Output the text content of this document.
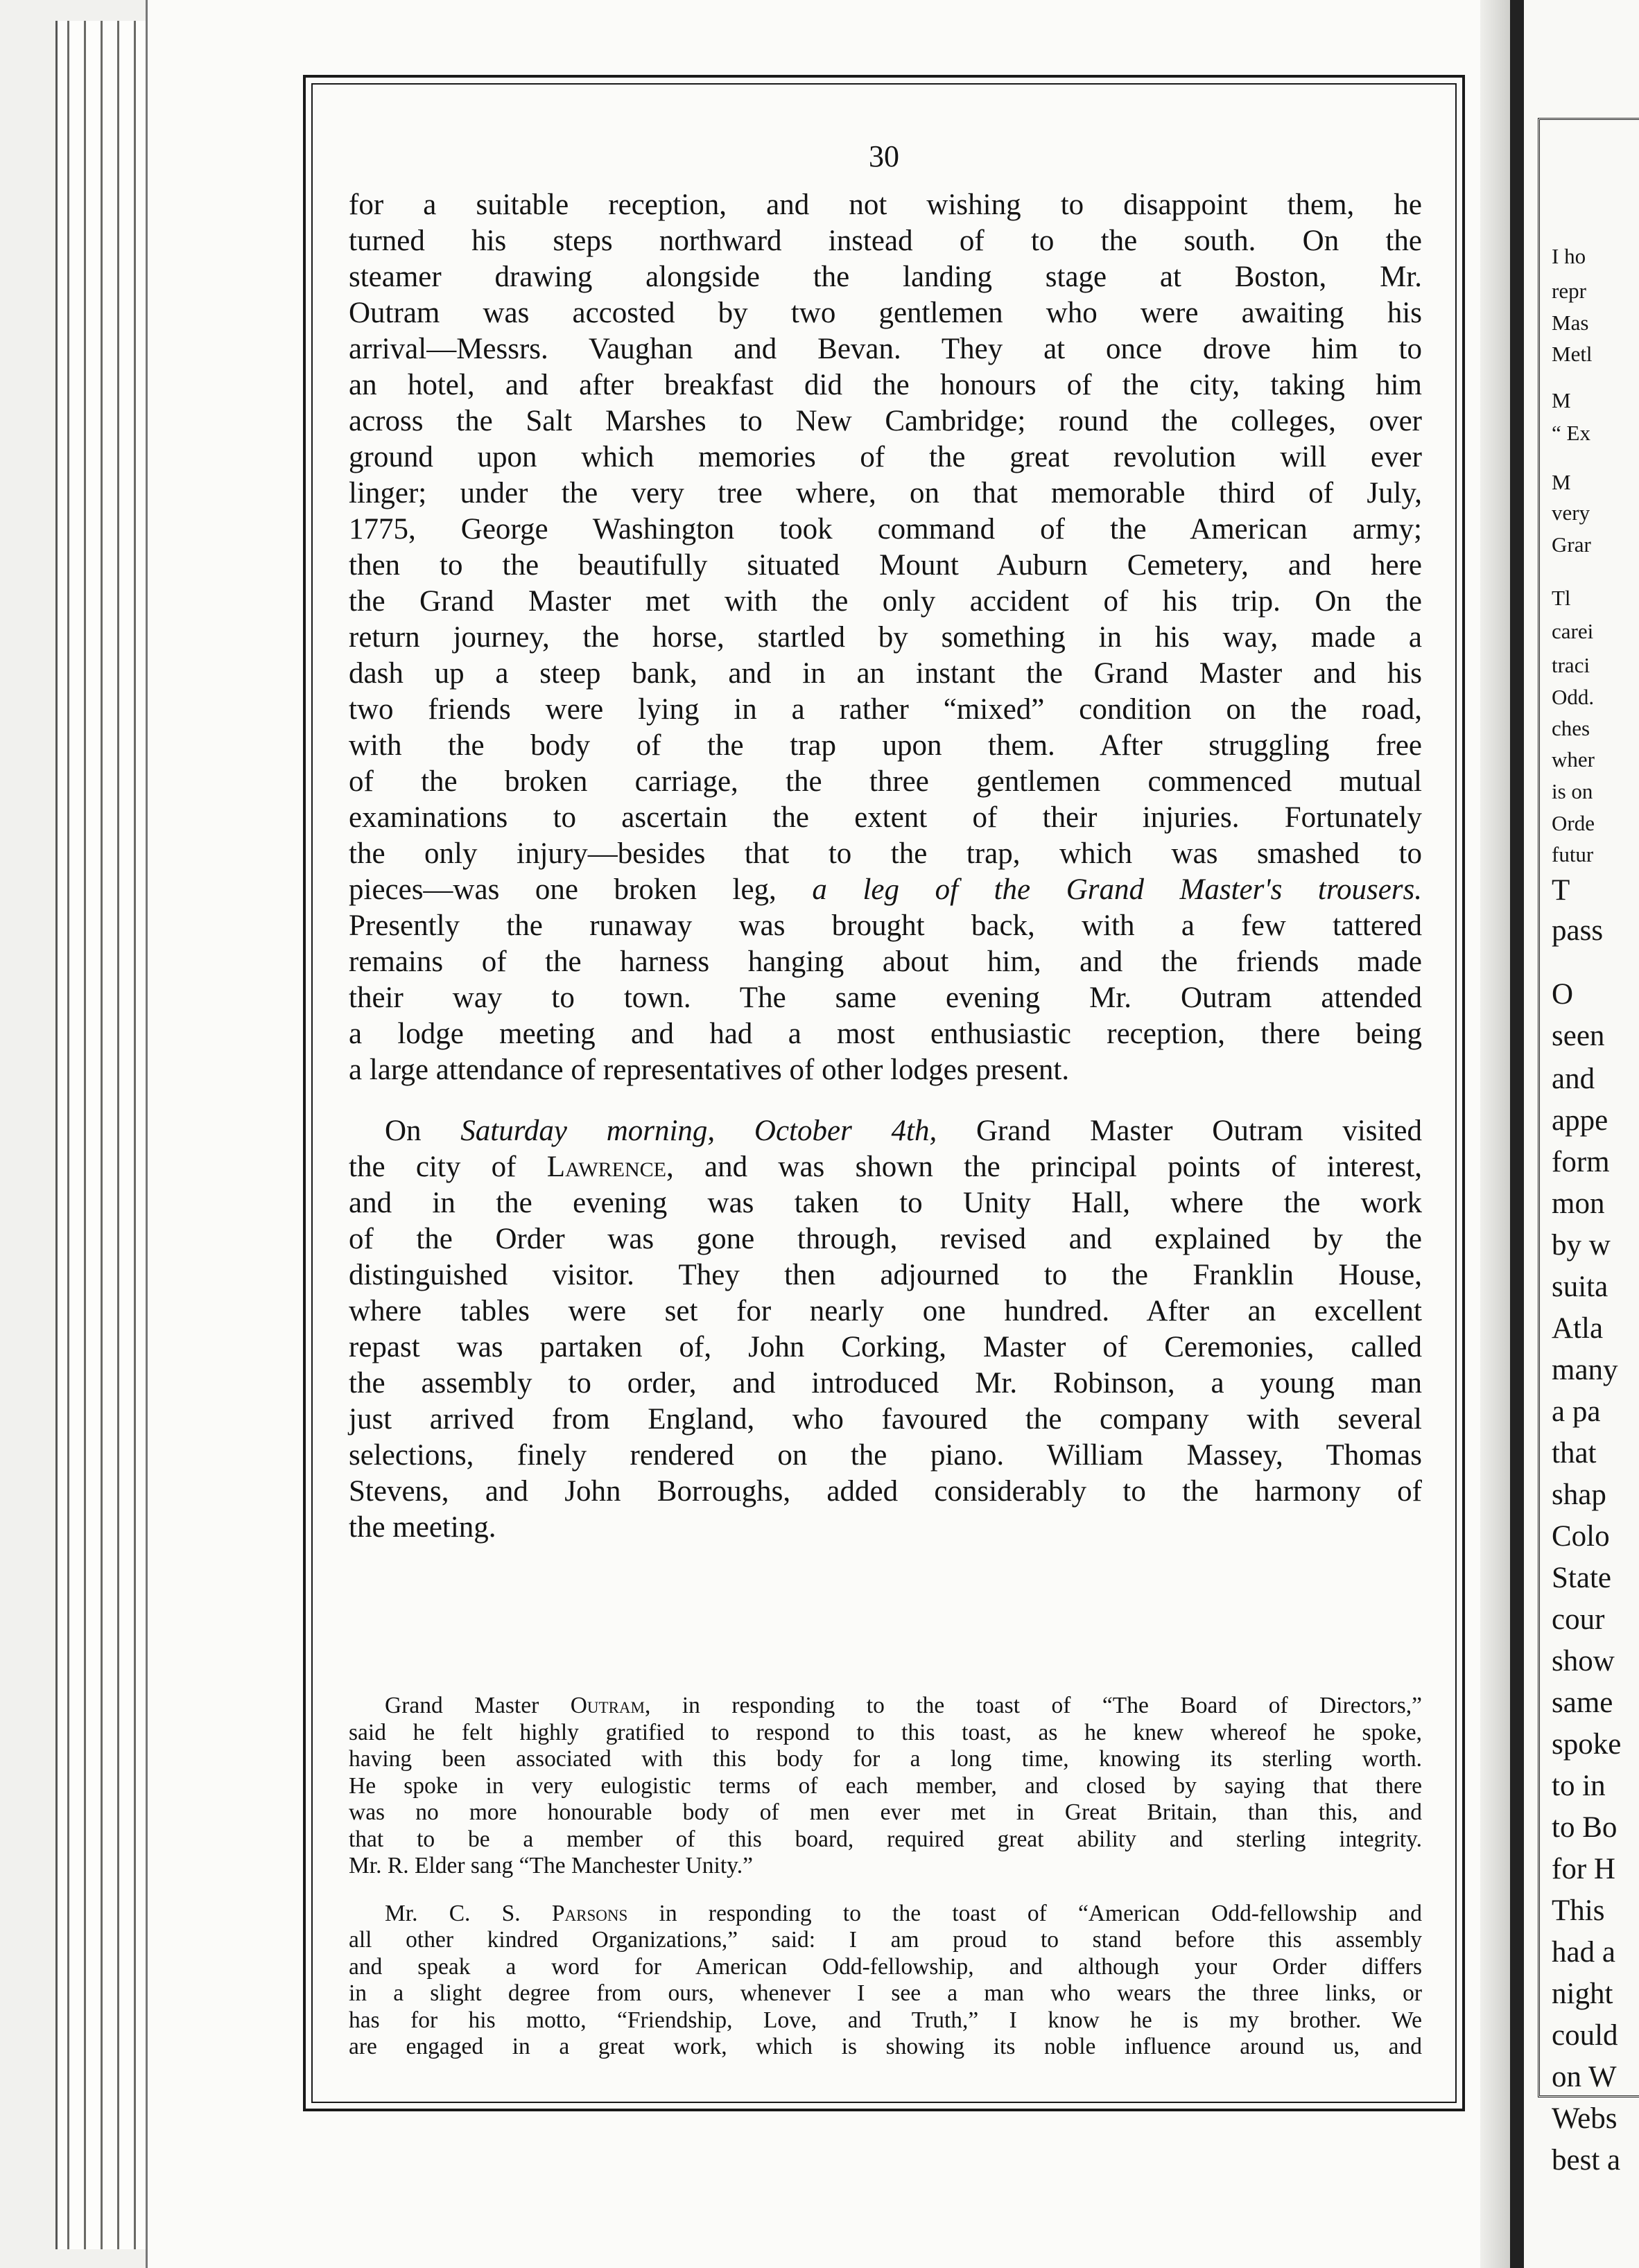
I ho
repr
Mas
Metl
M
“ Ex
M
very
Grar
Tl
carei
traci
Odd.
ches
wher
is on
Orde
futur
T
pass
O
seen
and
appe
form
mon
by w
suita
Atla
many
a pa
that
shap
Colo
State
cour
show
same
spoke
to in
to Bo
for H
This
had a
night
could
on W
Webs
best a
30

for a suitable reception, and not wishing to disappoint them, he

turned his steps northward instead of to the south. On the

steamer drawing alongside the landing stage at Boston, Mr.

Outram was accosted by two gentlemen who were awaiting his

arrival—Messrs. Vaughan and Bevan. They at once drove him to

an hotel, and after breakfast did the honours of the city, taking him

across the Salt Marshes to New Cambridge; round the colleges, over

ground upon which memories of the great revolution will ever

linger; under the very tree where, on that memorable third of July,

1775, George Washington took command of the American army;

then to the beautifully situated Mount Auburn Cemetery, and here

the Grand Master met with the only accident of his trip. On the

return journey, the horse, startled by something in his way, made a

dash up a steep bank, and in an instant the Grand Master and his

two friends were lying in a rather “mixed” condition on the road,

with the body of the trap upon them. After struggling free

of the broken carriage, the three gentlemen commenced mutual

examinations to ascertain the extent of their injuries. Fortunately

the only injury—besides that to the trap, which was smashed to

pieces—was one broken leg, a leg of the Grand Master's trousers.

Presently the runaway was brought back, with a few tattered

remains of the harness hanging about him, and the friends made

their way to town. The same evening Mr. Outram attended

a lodge meeting and had a most enthusiastic reception, there being

a large attendance of representatives of other lodges present.

On Saturday morning, October 4th, Grand Master Outram visited

the city of Lawrence, and was shown the principal points of interest,

and in the evening was taken to Unity Hall, where the work

of the Order was gone through, revised and explained by the

distinguished visitor. They then adjourned to the Franklin House,

where tables were set for nearly one hundred. After an excellent

repast was partaken of, John Corking, Master of Ceremonies, called

the assembly to order, and introduced Mr. Robinson, a young man

just arrived from England, who favoured the company with several

selections, finely rendered on the piano. William Massey, Thomas

Stevens, and John Borroughs, added considerably to the harmony of

the meeting.

Grand Master Outram, in responding to the toast of “The Board of Directors,”

said he felt highly gratified to respond to this toast, as he knew whereof he spoke,

having been associated with this body for a long time, knowing its sterling worth.

He spoke in very eulogistic terms of each member, and closed by saying that there

was no more honourable body of men ever met in Great Britain, than this, and

that to be a member of this board, required great ability and sterling integrity.

Mr. R. Elder sang “The Manchester Unity.”

Mr. C. S. Parsons in responding to the toast of “American Odd-fellowship and

all other kindred Organizations,” said: I am proud to stand before this assembly

and speak a word for American Odd-fellowship, and although your Order differs

in a slight degree from ours, whenever I see a man who wears the three links, or

has for his motto, “Friendship, Love, and Truth,” I know he is my brother. We

are engaged in a great work, which is showing its noble influence around us, and
